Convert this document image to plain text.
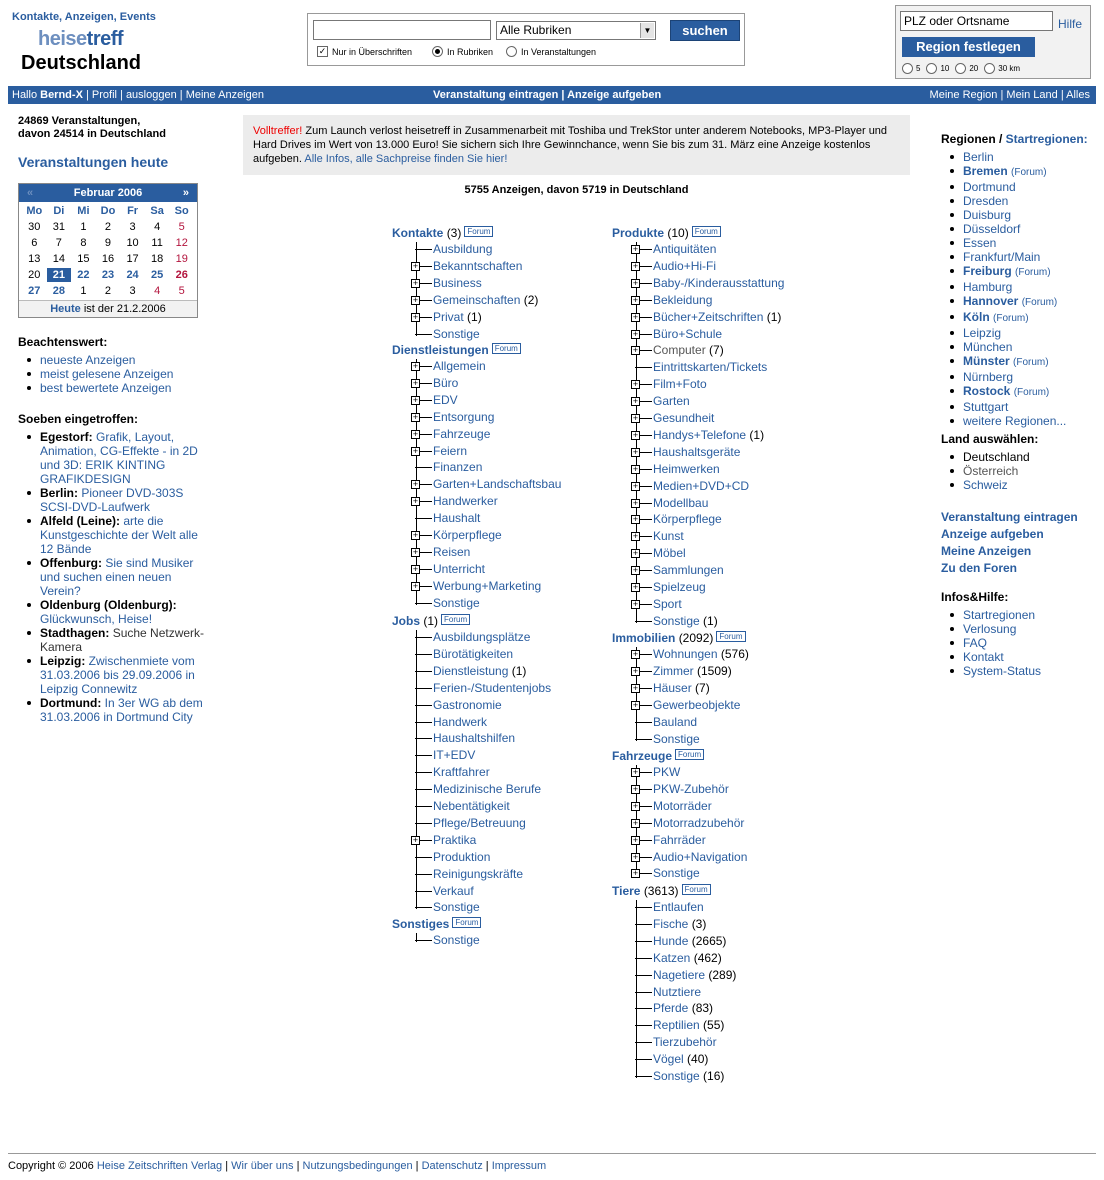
Kontakte, Anzeigen, Events
heisetreff
Deutschland
Alle Rubriken	▼	suchen
✓ Nur in Überschriften	In Rubriken	In Veranstaltungen
PLZ oder Ortsname	Hilfe
Region festlegen
5	10	20	30 km
Hallo Bernd-X | Profil | ausloggen | Meine Anzeigen	Veranstaltung eintragen | Anzeige aufgeben	Meine Region | Mein Land | Alles
24869 Veranstaltungen,
davon 24514 in Deutschland
Veranstaltungen heute
«	Februar 2006	»
Mo	Di	Mi	Do	Fr	Sa So
30	31	1	2	3	4	5
6	7	8	9	10	11	12
13	14	15	16	17	18	19
20	21	22	23	24	25	26
27	28	1	2	3	4	5
Heute ist der 21.2.2006
Beachtenswert:
neueste Anzeigen
meist gelesene Anzeigen
best bewertete Anzeigen
Soeben eingetroffen:
Egestorf: Grafik, Layout, Animation, CG-Effekte - in 2D und 3D: ERIK KINTING GRAFIKDESIGN
Berlin: Pioneer DVD-303S SCSI-DVD-Laufwerk
Alfeld (Leine): arte die Kunstgeschichte der Welt alle 12 Bände
Offenburg: Sie sind Musiker und suchen einen neuen Verein?
Oldenburg (Oldenburg): Glückwunsch, Heise!
Stadthagen: Suche Netzwerk-Kamera
Leipzig: Zwischenmiete vom 31.03.2006 bis 29.09.2006 in Leipzig Connewitz
Dortmund: In 3er WG ab dem 31.03.2006 in Dortmund City
Volltreffer! Zum Launch verlost heisetreff in Zusammenarbeit mit Toshiba und TrekStor unter anderem Notebooks, MP3-Player und Hard Drives im Wert von 13.000 Euro! Sie sichern sich Ihre Gewinnchance, wenn Sie bis zum 31. März eine Anzeige kostenlos aufgeben. Alle Infos, alle Sachpreise finden Sie hier!
5755 Anzeigen, davon 5719 in Deutschland
Kontakte (3) Forum
Ausbildung
+ Bekanntschaften
+ Business
+ Gemeinschaften (2)
+ Privat (1)
Sonstige
Dienstleistungen Forum
+ Allgemein
+ Büro
+ EDV
+ Entsorgung
+ Fahrzeuge
+ Feiern
Finanzen
+ Garten+Landschaftsbau
+ Handwerker
Haushalt
+ Körperpflege
+ Reisen
+ Unterricht
+ Werbung+Marketing
Sonstige
Jobs (1) Forum
Ausbildungsplätze
Bürotätigkeiten
Dienstleistung (1)
Ferien-/Studentenjobs
Gastronomie
Handwerk
Haushaltshilfen
IT+EDV
Kraftfahrer
Medizinische Berufe
Nebentätigkeit
Pflege/Betreuung
+ Praktika
Produktion
Reinigungskräfte
Verkauf
Sonstige
Sonstiges Forum
Sonstige
Produkte (10) Forum
+ Antiquitäten
+ Audio+Hi-Fi
+ Baby-/Kinderausstattung
+ Bekleidung
+ Bücher+Zeitschriften (1)
+ Büro+Schule
+ Computer (7)
Eintrittskarten/Tickets
+ Film+Foto
+ Garten
+ Gesundheit
+ Handys+Telefone (1)
+ Haushaltsgeräte
+ Heimwerken
+ Medien+DVD+CD
+ Modellbau
+ Körperpflege
+ Kunst
+ Möbel
+ Sammlungen
+ Spielzeug
+ Sport
Sonstige (1)
Immobilien (2092) Forum
+ Wohnungen (576)
+ Zimmer (1509)
+ Häuser (7)
+ Gewerbeobjekte
Bauland
Sonstige
Fahrzeuge Forum
+ PKW
+ PKW-Zubehör
+ Motorräder
+ Motorradzubehör
+ Fahrräder
+ Audio+Navigation
+ Sonstige
Tiere (3613) Forum
Entlaufen
Fische (3)
Hunde (2665)
Katzen (462)
Nagetiere (289)
Nutztiere
Pferde (83)
Reptilien (55)
Tierzubehör
Vögel (40)
Sonstige (16)
Regionen / Startregionen:
Berlin
Bremen (Forum)
Dortmund
Dresden
Duisburg
Düsseldorf
Essen
Frankfurt/Main
Freiburg (Forum)
Hamburg
Hannover (Forum)
Köln (Forum)
Leipzig
München
Münster (Forum)
Nürnberg
Rostock (Forum)
Stuttgart
weitere Regionen...
Land auswählen:
Deutschland
Österreich
Schweiz
Veranstaltung eintragen
Anzeige aufgeben
Meine Anzeigen
Zu den Foren
Infos&Hilfe:
Startregionen
Verlosung
FAQ
Kontakt
System-Status
Copyright © 2006 Heise Zeitschriften Verlag | Wir über uns | Nutzungsbedingungen | Datenschutz | Impressum
